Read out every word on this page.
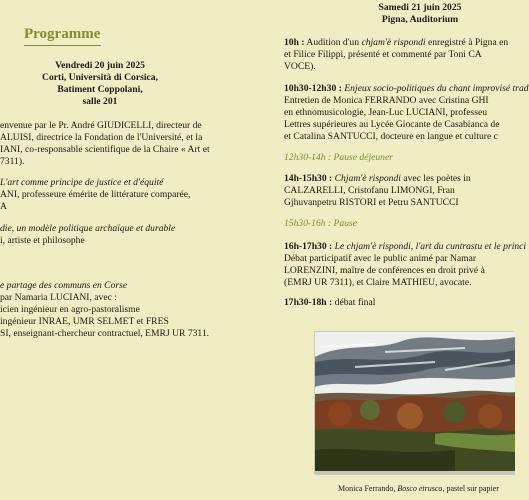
Programme
Vendredi 20 juin 2025
Corti, Università di Corsica,
Batiment Coppolani,
salle 201
envenue par le Pr. André GIUDICELLI, directeur de
ALUISI, directrice la Fondation de l'Université, et la
IANI, co-responsable scientifique de la Chaire « Art et
7311).
L'art comme principe de justice et d'équité
ANI, professeure émérite de littérature comparée,
A
die, un modèle politique archaïque et durable
i, artiste et philosophe
e partage des communs en Corse
par Namaria LUCIANI, avec :
icien ingénieur en agro-pastoralisme
ingénieur INRAE, UMR SELMET et FRES
SI, enseignant-chercheur contractuel, EMRJ UR 7311.
Samedi 21 juin 2025
Pigna, Auditorium
10h : Audition d'un chjam'è rispondi enregistré à Pigna en
et Filice Filippi, présenté et commenté par Toni CA
VOCE).
10h30-12h30 : Enjeux socio-politiques du chant improvisé trad
Entretien de Monica FERRANDO avec Cristina GHI
en ethnomusicologie, Jean-Luc LUCIANI, professeu
Lettres supérieures au Lycée Giocante de Casabianca de
et Catalina SANTUCCI, docteure en langue et culture c
12h30-14h : Pause déjeuner
14h-15h30 : Chjam'è rispondi avec les poètes in
CALZARELLI, Cristofanu LIMONGI, Fran
Gjhuvanpetru RISTORI et Petru SANTUCCI
15h30-16h : Pause
16h-17h30 : Le chjam'è rispondi, l'art du cuntrastu et le princi
Débat participatif avec le public animé par Namar
LORENZINI, maître de conférences en droit privé à
(EMRJ UR 7311), et Claire MATHIEU, avocate.
17h30-18h : débat final
Monica Ferrando, Bosco etrusco, pastel sur papier
